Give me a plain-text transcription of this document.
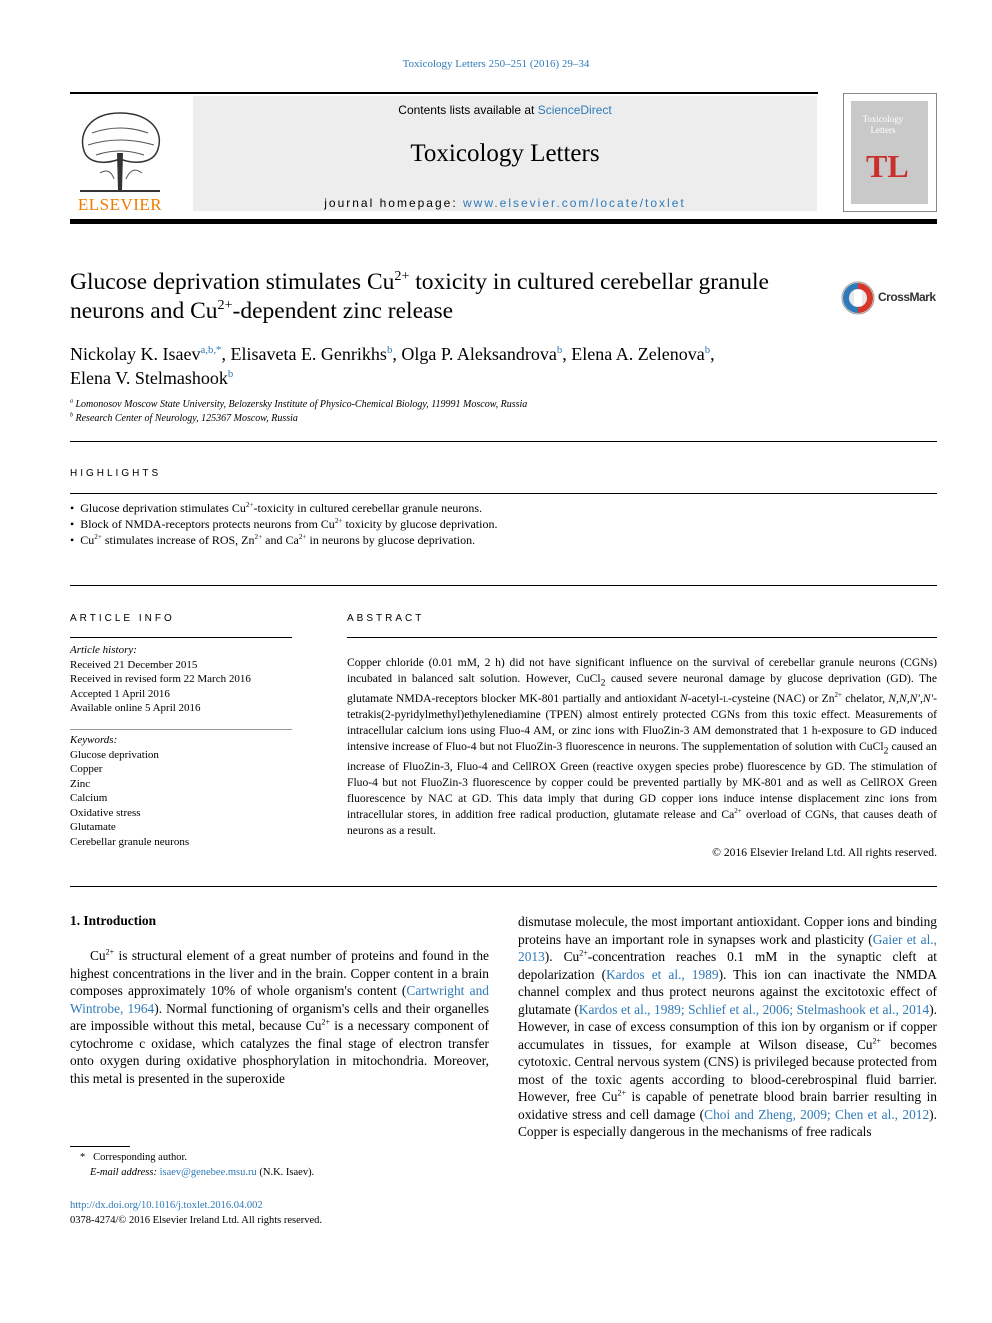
Toxicology Letters 250–251 (2016) 29–34
ELSEVIER
Contents lists available at ScienceDirect
Toxicology Letters
journal homepage: www.elsevier.com/locate/toxlet
Toxicology Letters
TL
Glucose deprivation stimulates $Cu^{2+}$ toxicity in cultured cerebellar granule neurons and $Cu^{2+}$-dependent zinc release
CrossMark
Nickolay K. Isaev$^{a,b,*}$, Elisaveta E. Genrikhs$^b$, Olga P. Aleksandrova$^b$, Elena A. Zelenova$^b$,
Elena V. Stelmashook$^b$
$^a$ Lomonosov Moscow State University, Belozersky Institute of Physico-Chemical Biology, 119991 Moscow, Russia
$^b$ Research Center of Neurology, 125367 Moscow, Russia
HIGHLIGHTS
• Glucose deprivation stimulates $Cu^{2+}$-toxicity in cultured cerebellar granule neurons.
• Block of NMDA-receptors protects neurons from $Cu^{2+}$ toxicity by glucose deprivation.
• $Cu^{2+}$ stimulates increase of ROS, $Zn^{2+}$ and $Ca^{2+}$ in neurons by glucose deprivation.
ARTICLE INFO
Article history:
Received 21 December 2015
Received in revised form 22 March 2016
Accepted 1 April 2016
Available online 5 April 2016
Keywords:
Glucose deprivation
Copper
Zinc
Calcium
Oxidative stress
Glutamate
Cerebellar granule neurons
ABSTRACT
Copper chloride (0.01 mM, 2 h) did not have significant influence on the survival of cerebellar granule neurons (CGNs) incubated in balanced salt solution. However, CuCl$_2$ caused severe neuronal damage by glucose deprivation (GD). The glutamate NMDA-receptors blocker MK-801 partially and antioxidant N-acetyl-l-cysteine (NAC) or $Zn^{2+}$ chelator, N,N,N′,N′-tetrakis(2-pyridylmethyl)ethylenediamine (TPEN) almost entirely protected CGNs from this toxic effect. Measurements of intracellular calcium ions using Fluo-4 AM, or zinc ions with FluoZin-3 AM demonstrated that 1 h-exposure to GD induced intensive increase of Fluo-4 but not FluoZin-3 fluorescence in neurons. The supplementation of solution with CuCl$_2$ caused an increase of FluoZin-3, Fluo-4 and CellROX Green (reactive oxygen species probe) fluorescence by GD. The stimulation of Fluo-4 but not FluoZin-3 fluorescence by copper could be prevented partially by MK-801 and as well as CellROX Green fluorescence by NAC at GD. This data imply that during GD copper ions induce intense displacement zinc ions from intracellular stores, in addition free radical production, glutamate release and $Ca^{2+}$ overload of CGNs, that causes death of neurons as a result.
© 2016 Elsevier Ireland Ltd. All rights reserved.
1. Introduction
$Cu^{2+}$ is structural element of a great number of proteins and found in the highest concentrations in the liver and in the brain. Copper content in a brain composes approximately 10% of whole organism's content (Cartwright and Wintrobe, 1964). Normal functioning of organism's cells and their organelles are impossible without this metal, because $Cu^{2+}$ is a necessary component of cytochrome c oxidase, which catalyzes the final stage of electron transfer onto oxygen during oxidative phosphorylation in mitochondria. Moreover, this metal is presented in the superoxide
dismutase molecule, the most important antioxidant. Copper ions and binding proteins have an important role in synapses work and plasticity (Gaier et al., 2013). $Cu^{2+}$-concentration reaches 0.1 mM in the synaptic cleft at depolarization (Kardos et al., 1989). This ion can inactivate the NMDA channel complex and thus protect neurons against the excitotoxic effect of glutamate (Kardos et al., 1989; Schlief et al., 2006; Stelmashook et al., 2014). However, in case of excess consumption of this ion by organism or if copper accumulates in tissues, for example at Wilson disease, $Cu^{2+}$ becomes cytotoxic. Central nervous system (CNS) is privileged because protected from most of the toxic agents according to blood-cerebrospinal fluid barrier. However, free $Cu^{2+}$ is capable of penetrate blood brain barrier resulting in oxidative stress and cell damage (Choi and Zheng, 2009; Chen et al., 2012). Copper is especially dangerous in the mechanisms of free radicals
* Corresponding author.
E-mail address: isaev@genebee.msu.ru (N.K. Isaev).
http://dx.doi.org/10.1016/j.toxlet.2016.04.002
0378-4274/© 2016 Elsevier Ireland Ltd. All rights reserved.
